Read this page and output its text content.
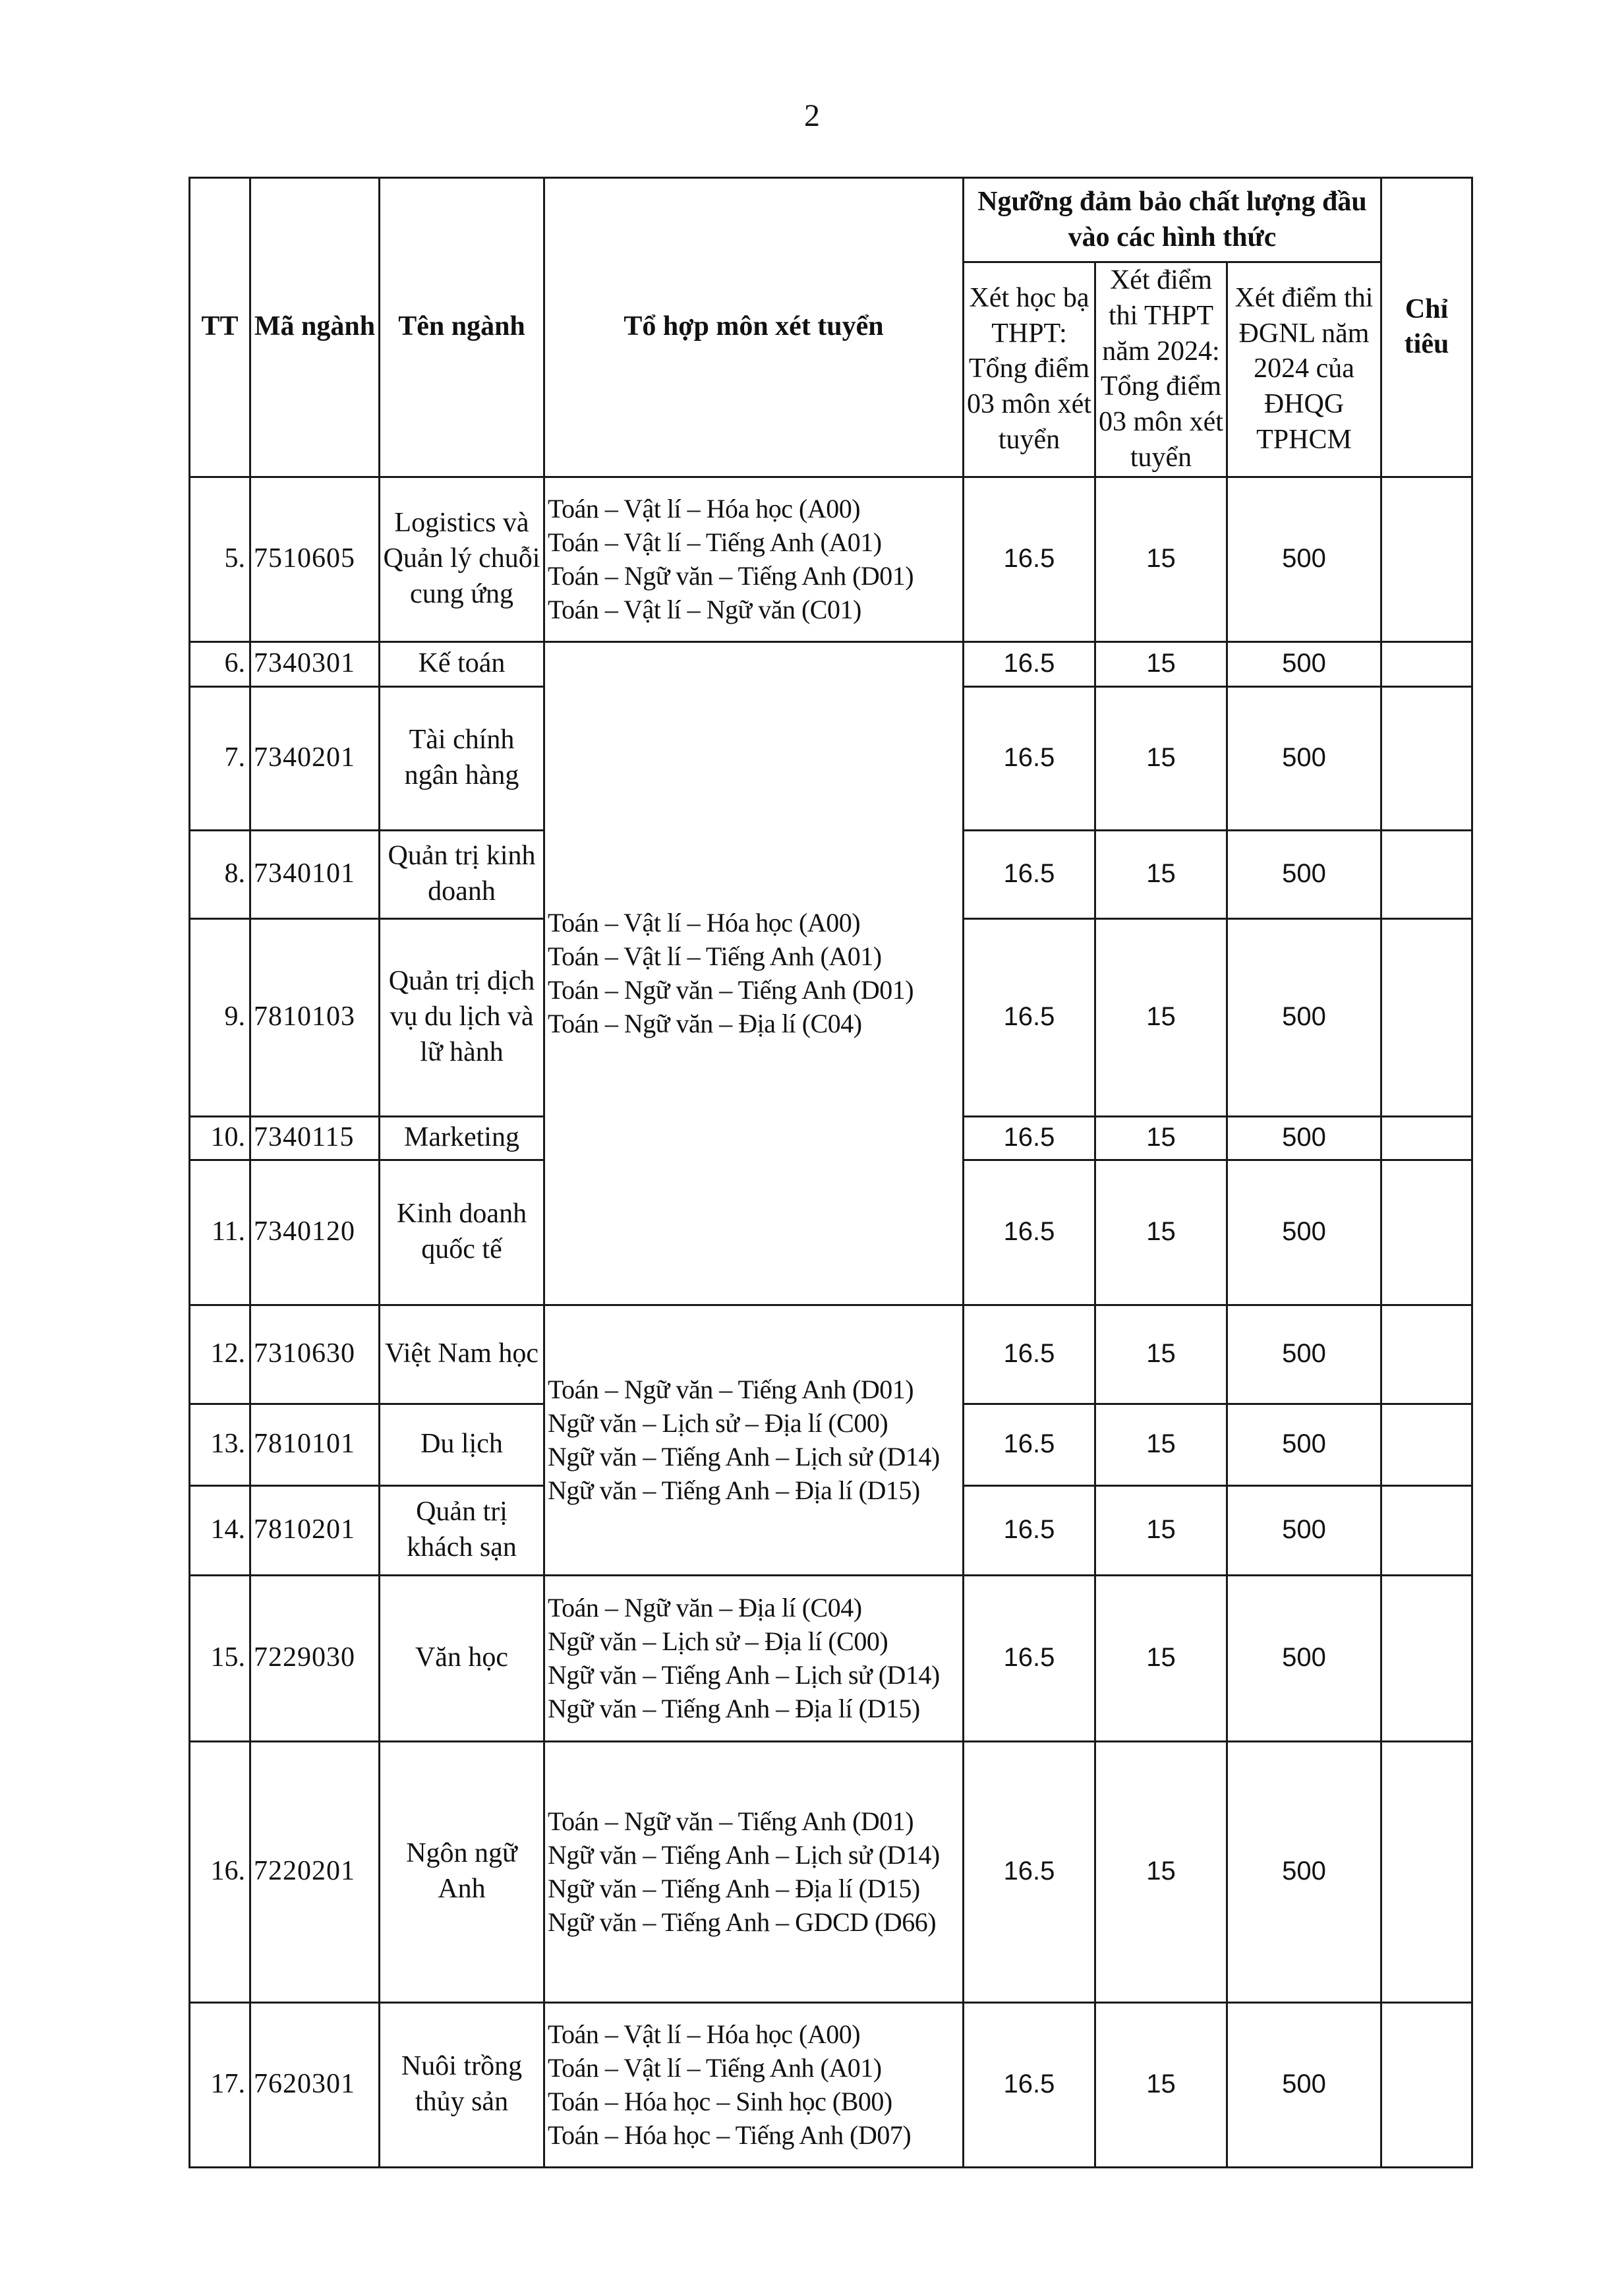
2
TT	Mã ngành	Tên ngành	Tổ hợp môn xét tuyển	Ngưỡng đảm bảo chất lượng đầu vào các hình thức			Chỉ tiêu
				Xét học bạ THPT: Tổng điểm 03 môn xét tuyển	Xét điểm thi THPT năm 2024: Tổng điểm 03 môn xét tuyển	Xét điểm thi ĐGNL năm 2024 của ĐHQG TPHCM	
5.	7510605	Logistics và Quản lý chuỗi cung ứng	Toán – Vật lí – Hóa học (A00)
Toán – Vật lí – Tiếng Anh (A01)
Toán – Ngữ văn – Tiếng Anh (D01)
Toán – Vật lí – Ngữ văn (C01)	16.5	15	500	
6.	7340301	Kế toán	Toán – Vật lí – Hóa học (A00)
Toán – Vật lí – Tiếng Anh (A01)
Toán – Ngữ văn – Tiếng Anh (D01)
Toán – Ngữ văn – Địa lí (C04)	16.5	15	500	
7.	7340201	Tài chính ngân hàng		16.5	15	500	
8.	7340101	Quản trị kinh doanh		16.5	15	500	
9.	7810103	Quản trị dịch vụ du lịch và lữ hành		16.5	15	500	
10.	7340115	Marketing		16.5	15	500	
11.	7340120	Kinh doanh quốc tế		16.5	15	500	
12.	7310630	Việt Nam học	Toán – Ngữ văn – Tiếng Anh (D01)
Ngữ văn – Lịch sử – Địa lí (C00)
Ngữ văn – Tiếng Anh – Lịch sử (D14)
Ngữ văn – Tiếng Anh – Địa lí (D15)	16.5	15	500	
13.	7810101	Du lịch		16.5	15	500	
14.	7810201	Quản trị khách sạn		16.5	15	500	
15.	7229030	Văn học	Toán – Ngữ văn – Địa lí (C04)
Ngữ văn – Lịch sử – Địa lí (C00)
Ngữ văn – Tiếng Anh – Lịch sử (D14)
Ngữ văn – Tiếng Anh – Địa lí (D15)	16.5	15	500	
16.	7220201	Ngôn ngữ Anh	Toán – Ngữ văn – Tiếng Anh (D01)
Ngữ văn – Tiếng Anh – Lịch sử (D14)
Ngữ văn – Tiếng Anh – Địa lí (D15)
Ngữ văn – Tiếng Anh – GDCD (D66)	16.5	15	500	
17.	7620301	Nuôi trồng thủy sản	Toán – Vật lí – Hóa học (A00)
Toán – Vật lí – Tiếng Anh (A01)
Toán – Hóa học – Sinh học (B00)
Toán – Hóa học – Tiếng Anh (D07)	16.5	15	500	
